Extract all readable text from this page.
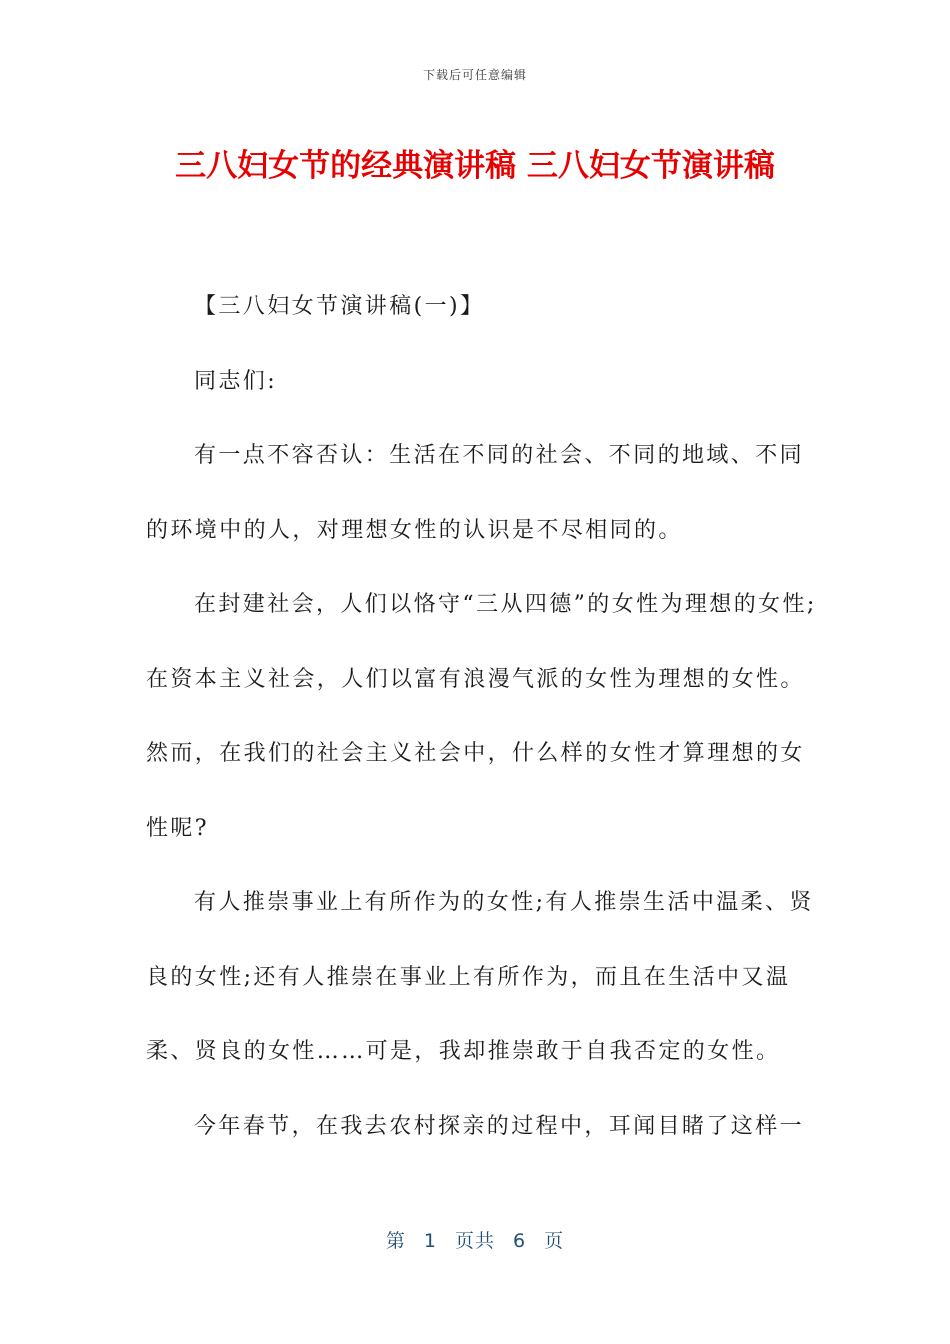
下载后可任意编辑
三八妇女节的经典演讲稿 三八妇女节演讲稿

【三八妇女节演讲稿(一)】

同志们:

有一点不容否认：生活在不同的社会、不同的地域、不同的环境中的人，对理想女性的认识是不尽相同的。

在封建社会，人们以恪守“三从四德”的女性为理想的女性;在资本主义社会，人们以富有浪漫气派的女性为理想的女性。然而，在我们的社会主义社会中，什么样的女性才算理想的女性呢?

有人推崇事业上有所作为的女性;有人推崇生活中温柔、贤良的女性;还有人推崇在事业上有所作为，而且在生活中又温柔、贤良的女性……可是，我却推崇敢于自我否定的女性。

今年春节，在我去农村探亲的过程中，耳闻目睹了这样一

第 1 页共 6 页
